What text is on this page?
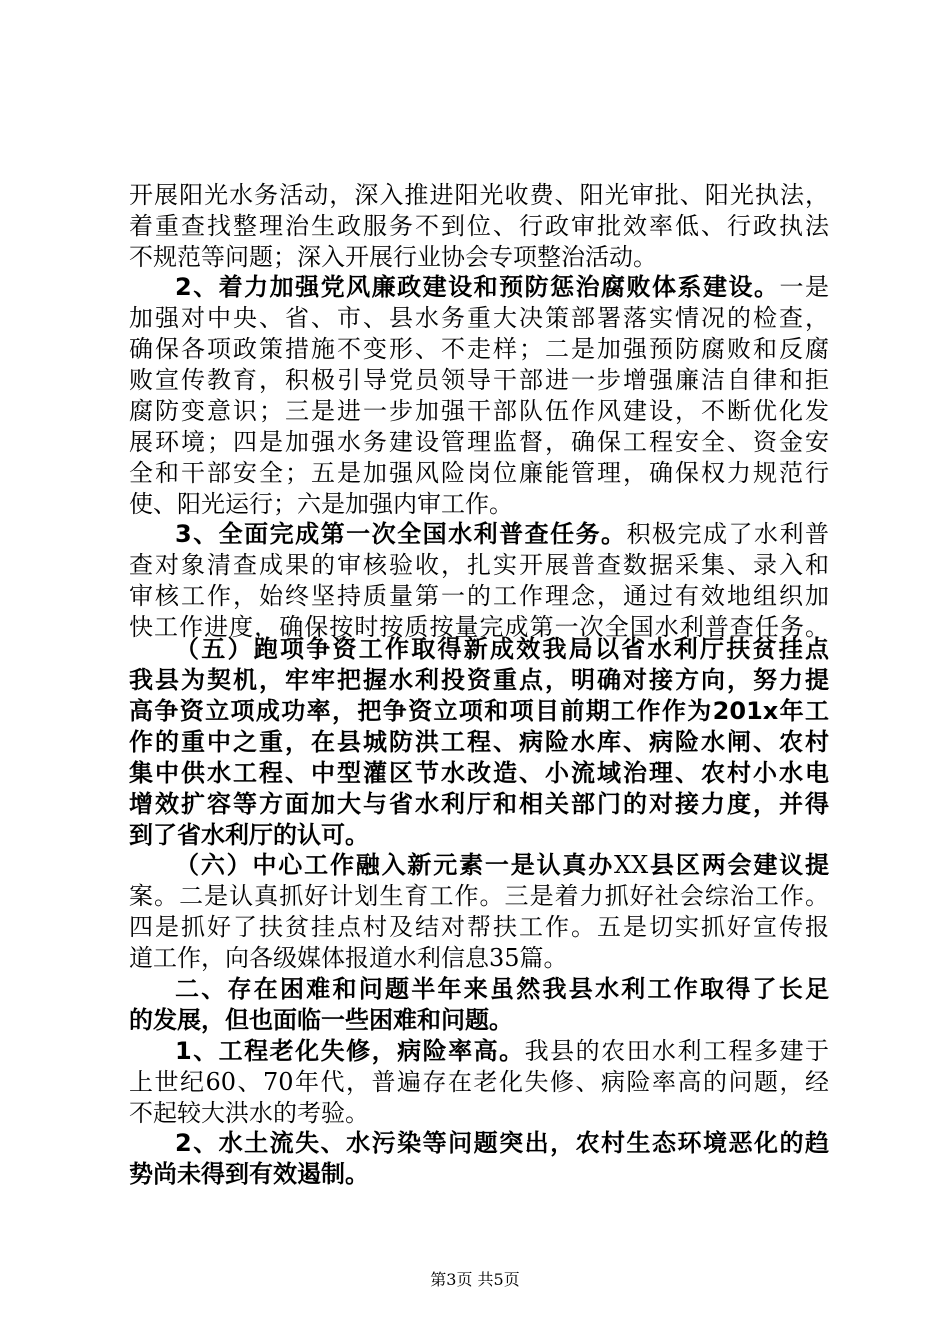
开展阳光水务活动，深入推进阳光收费、阳光审批、阳光执法，
着重查找整理治生政服务不到位、行政审批效率低、行政执法
不规范等问题；深入开展行业协会专项整治活动。
2、着力加强党风廉政建设和预防惩治腐败体系建设。一是
加强对中央、省、市、县水务重大决策部署落实情况的检查，
确保各项政策措施不变形、不走样；二是加强预防腐败和反腐
败宣传教育，积极引导党员领导干部进一步增强廉洁自律和拒
腐防变意识；三是进一步加强干部队伍作风建设，不断优化发
展环境；四是加强水务建设管理监督，确保工程安全、资金安
全和干部安全；五是加强风险岗位廉能管理，确保权力规范行
使、阳光运行；六是加强内审工作。
3、全面完成第一次全国水利普查任务。积极完成了水利普
查对象清查成果的审核验收，扎实开展普查数据采集、录入和
审核工作，始终坚持质量第一的工作理念，通过有效地组织加
快工作进度，确保按时按质按量完成第一次全国水利普查任务。
（五）跑项争资工作取得新成效我局以省水利厅扶贫挂点
我县为契机，牢牢把握水利投资重点，明确对接方向，努力提
高争资立项成功率，把争资立项和项目前期工作作为201x年工
作的重中之重，在县城防洪工程、病险水库、病险水闸、农村
集中供水工程、中型灌区节水改造、小流域治理、农村小水电
增效扩容等方面加大与省水利厅和相关部门的对接力度，并得
到了省水利厅的认可。
（六）中心工作融入新元素一是认真办XX县区两会建议提
案。二是认真抓好计划生育工作。三是着力抓好社会综治工作。
四是抓好了扶贫挂点村及结对帮扶工作。五是切实抓好宣传报
道工作，向各级媒体报道水利信息35篇。
二、存在困难和问题半年来虽然我县水利工作取得了长足
的发展，但也面临一些困难和问题。
1、工程老化失修，病险率高。我县的农田水利工程多建于
上世纪60、70年代，普遍存在老化失修、病险率高的问题，经
不起较大洪水的考验。
2、水土流失、水污染等问题突出，农村生态环境恶化的趋
势尚未得到有效遏制。
第3页 共5页
